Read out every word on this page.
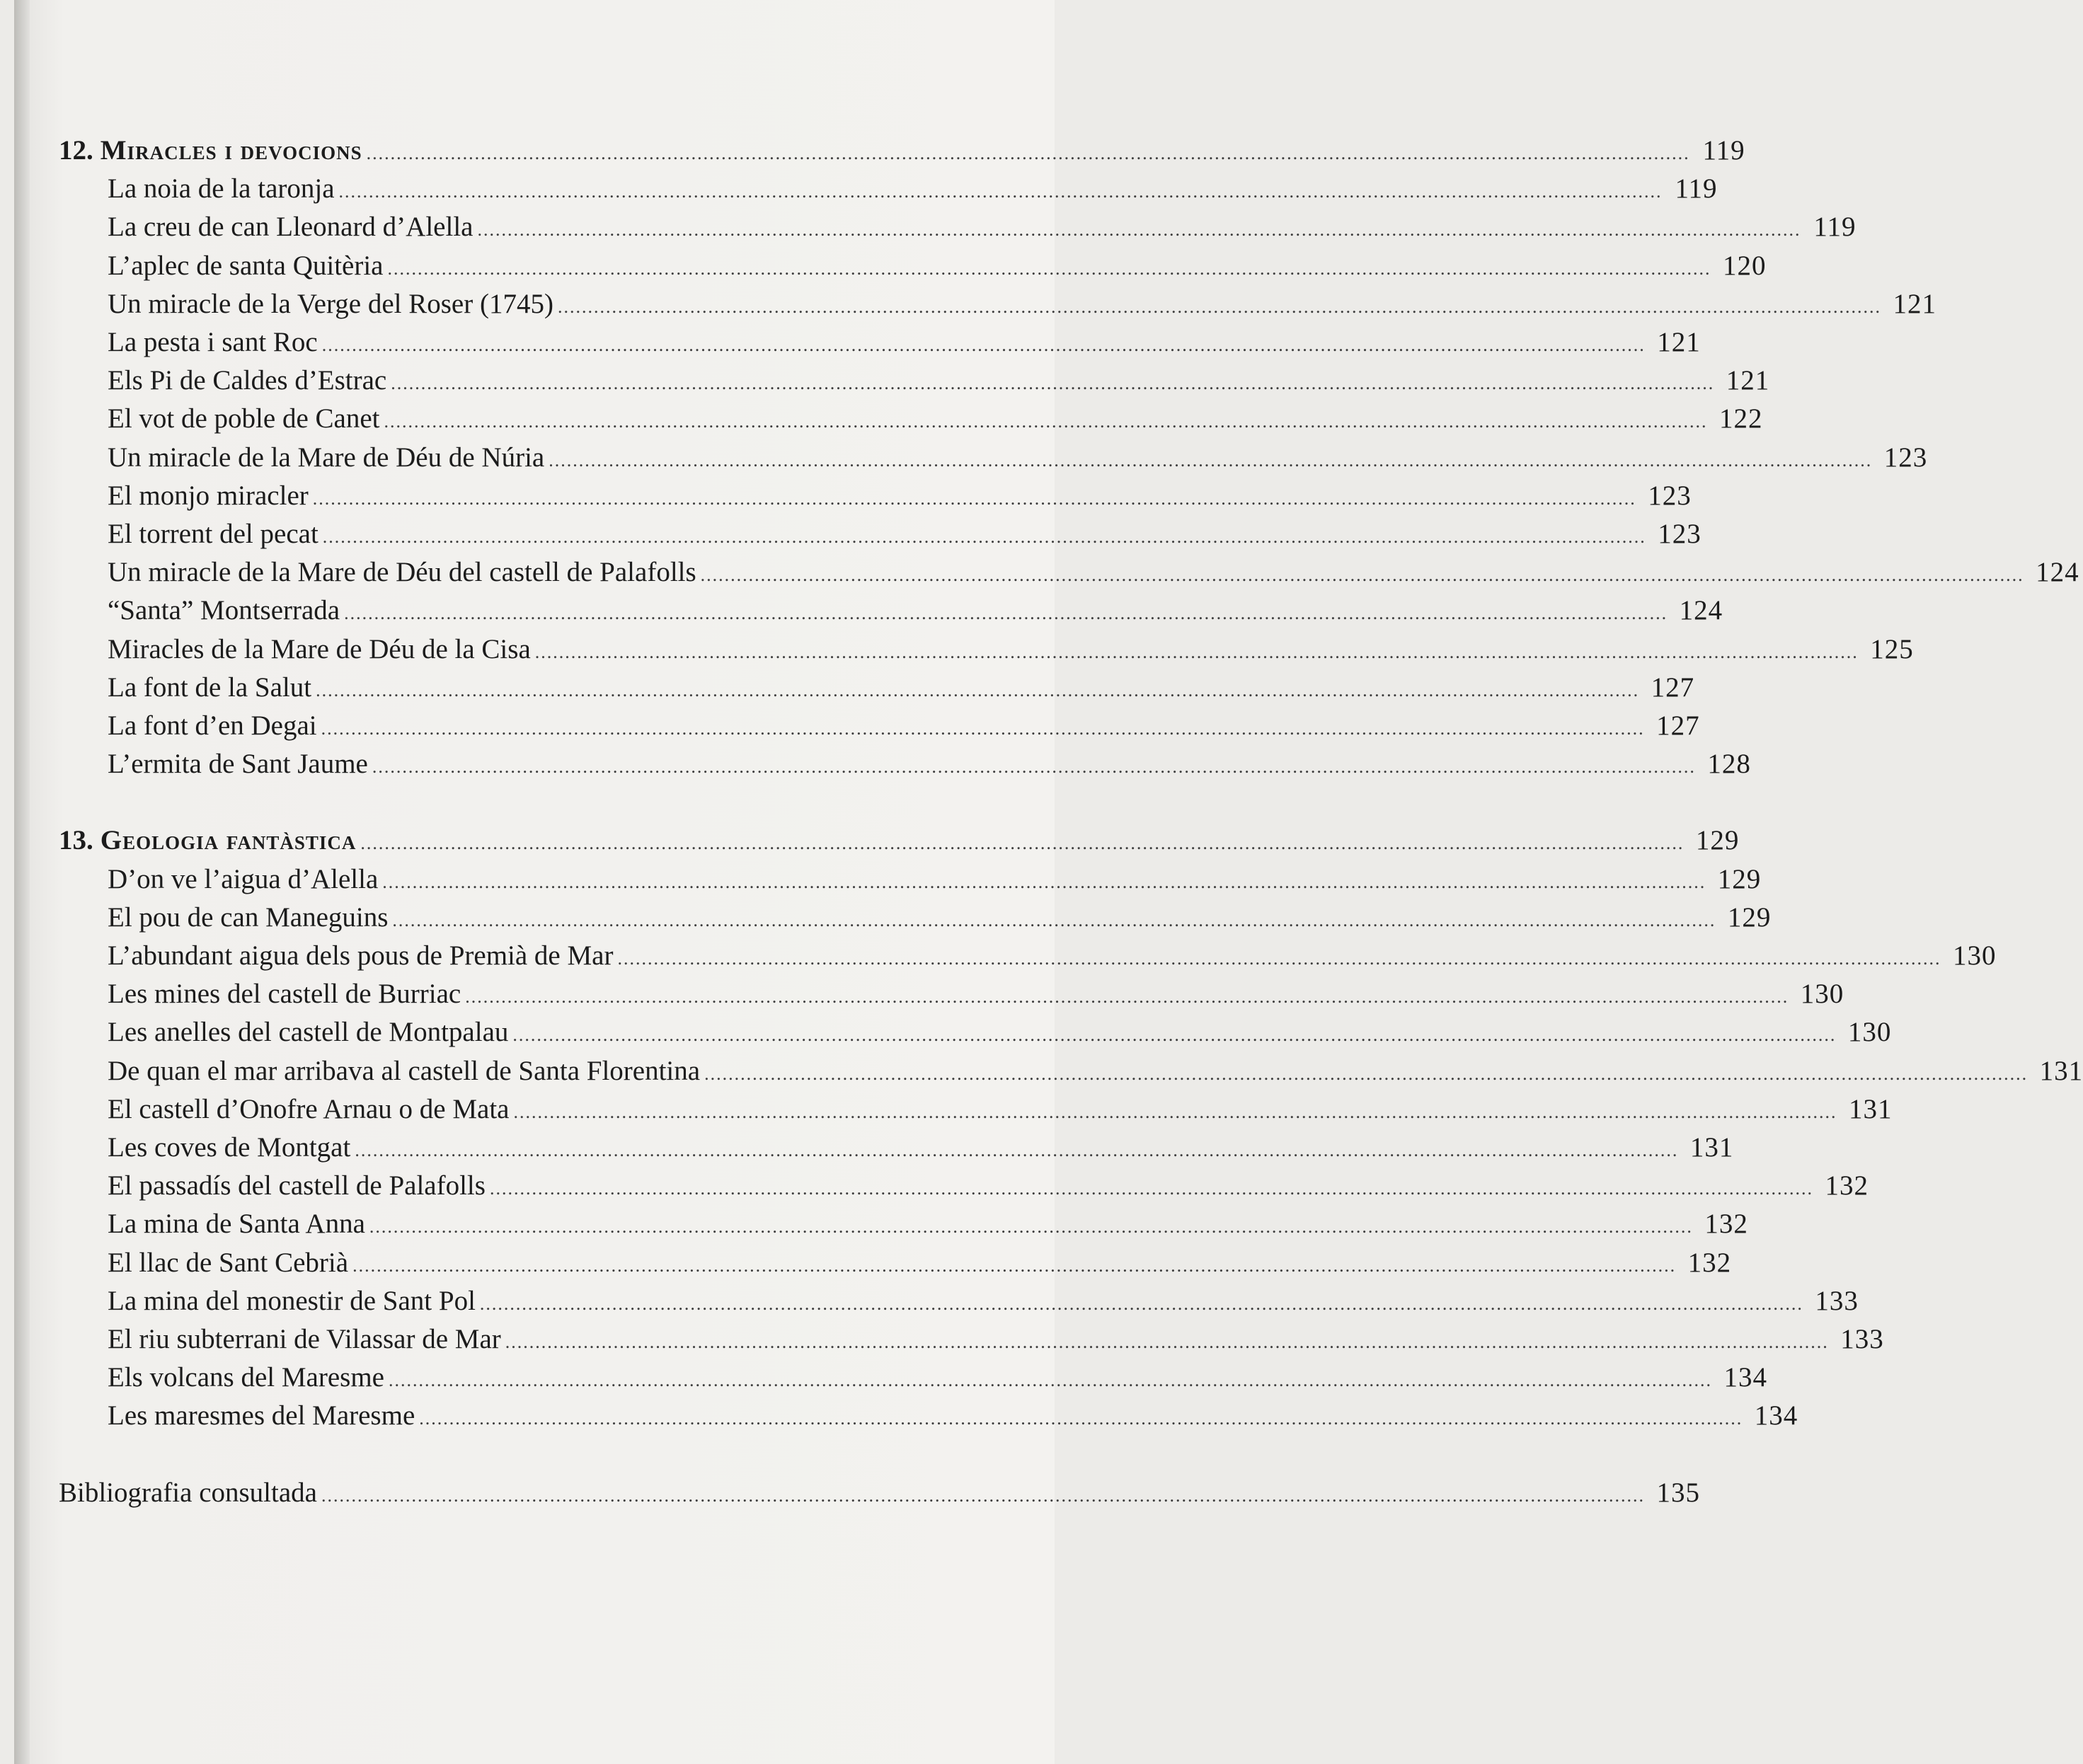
12. Miracles i devocions ............................................................................................................................................................................................................................ 119
La noia de la taronja ............................................................................................................................................................................................................................ 119
La creu de can Lleonard d’Alella ............................................................................................................................................................................................................................ 119
L’aplec de santa Quitèria ............................................................................................................................................................................................................................ 120
Un miracle de la Verge del Roser (1745) ............................................................................................................................................................................................................................ 121
La pesta i sant Roc ............................................................................................................................................................................................................................ 121
Els Pi de Caldes d’Estrac ............................................................................................................................................................................................................................ 121
El vot de poble de Canet ............................................................................................................................................................................................................................ 122
Un miracle de la Mare de Déu de Núria ............................................................................................................................................................................................................................ 123
El monjo miracler ............................................................................................................................................................................................................................ 123
El torrent del pecat ............................................................................................................................................................................................................................ 123
Un miracle de la Mare de Déu del castell de Palafolls ............................................................................................................................................................................................................................ 124
“Santa” Montserrada ............................................................................................................................................................................................................................ 124
Miracles de la Mare de Déu de la Cisa ............................................................................................................................................................................................................................ 125
La font de la Salut ............................................................................................................................................................................................................................ 127
La font d’en Degai ............................................................................................................................................................................................................................ 127
L’ermita de Sant Jaume ............................................................................................................................................................................................................................ 128
13. Geologia fantàstica ............................................................................................................................................................................................................................ 129
D’on ve l’aigua d’Alella ............................................................................................................................................................................................................................ 129
El pou de can Maneguins ............................................................................................................................................................................................................................ 129
L’abundant aigua dels pous de Premià de Mar ............................................................................................................................................................................................................................ 130
Les mines del castell de Burriac ............................................................................................................................................................................................................................ 130
Les anelles del castell de Montpalau ............................................................................................................................................................................................................................ 130
De quan el mar arribava al castell de Santa Florentina ............................................................................................................................................................................................................................ 131
El castell d’Onofre Arnau o de Mata ............................................................................................................................................................................................................................ 131
Les coves de Montgat ............................................................................................................................................................................................................................ 131
El passadís del castell de Palafolls ............................................................................................................................................................................................................................ 132
La mina de Santa Anna ............................................................................................................................................................................................................................ 132
El llac de Sant Cebrià ............................................................................................................................................................................................................................ 132
La mina del monestir de Sant Pol ............................................................................................................................................................................................................................ 133
El riu subterrani de Vilassar de Mar ............................................................................................................................................................................................................................ 133
Els volcans del Maresme ............................................................................................................................................................................................................................ 134
Les maresmes del Maresme ............................................................................................................................................................................................................................ 134
Bibliografia consultada ............................................................................................................................................................................................................................ 135
